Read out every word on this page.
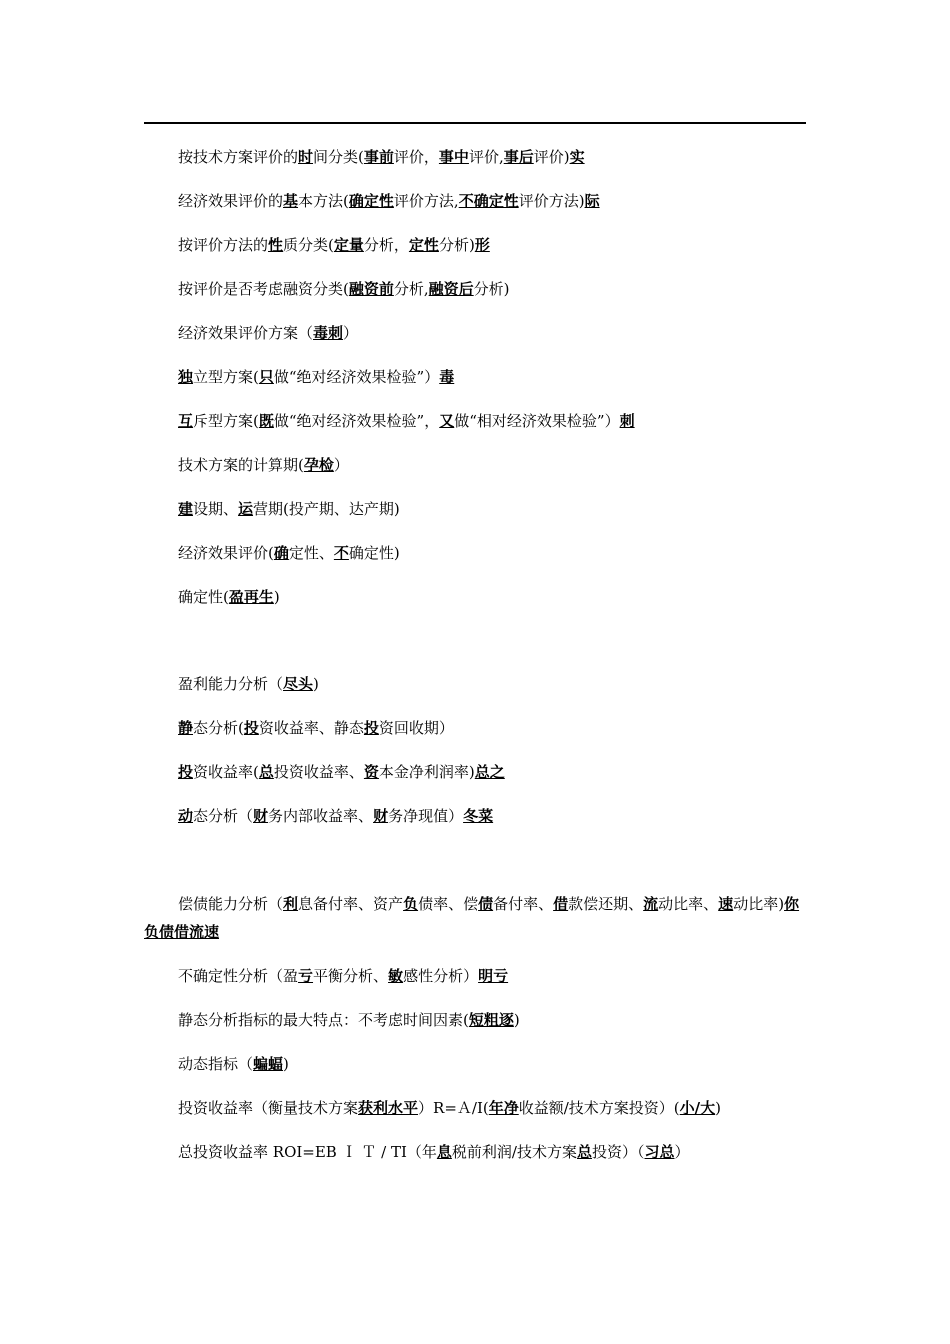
按技术方案评价的时间分类(事前评价，事中评价,事后评价)实
经济效果评价的基本方法(确定性评价方法,不确定性评价方法)际
按评价方法的性质分类(定量分析，定性分析)形
按评价是否考虑融资分类(融资前分析,融资后分析)
经济效果评价方案（毒刺）
独立型方案(只做“绝对经济效果检验”）毒
互斥型方案(既做“绝对经济效果检验”，又做“相对经济效果检验”）刺
技术方案的计算期(孕检）
建设期、运营期(投产期、达产期)
经济效果评价(确定性、不确定性)
确定性(盈再生)
盈利能力分析（尽头)
静态分析(投资收益率、静态投资回收期）
投资收益率(总投资收益率、资本金净利润率)总之
动态分析（财务内部收益率、财务净现值）冬菜
不确定性分析（盈亏平衡分析、敏感性分析）明亏
静态分析指标的最大特点：不考虑时间因素(短粗逐)
动态指标（蝙蝠)
投资收益率（衡量技术方案获利水平）R=Ａ/I(年净收益额/技术方案投资）(小/大)
总投资收益率 ROI=EB Ｉ Ｔ / TI（年息税前利润/技术方案总投资）（习总）
偿债能力分析（利息备付率、资产负债率、偿债备付率、借款偿还期、流动比率、速动比率)你负债借流速
